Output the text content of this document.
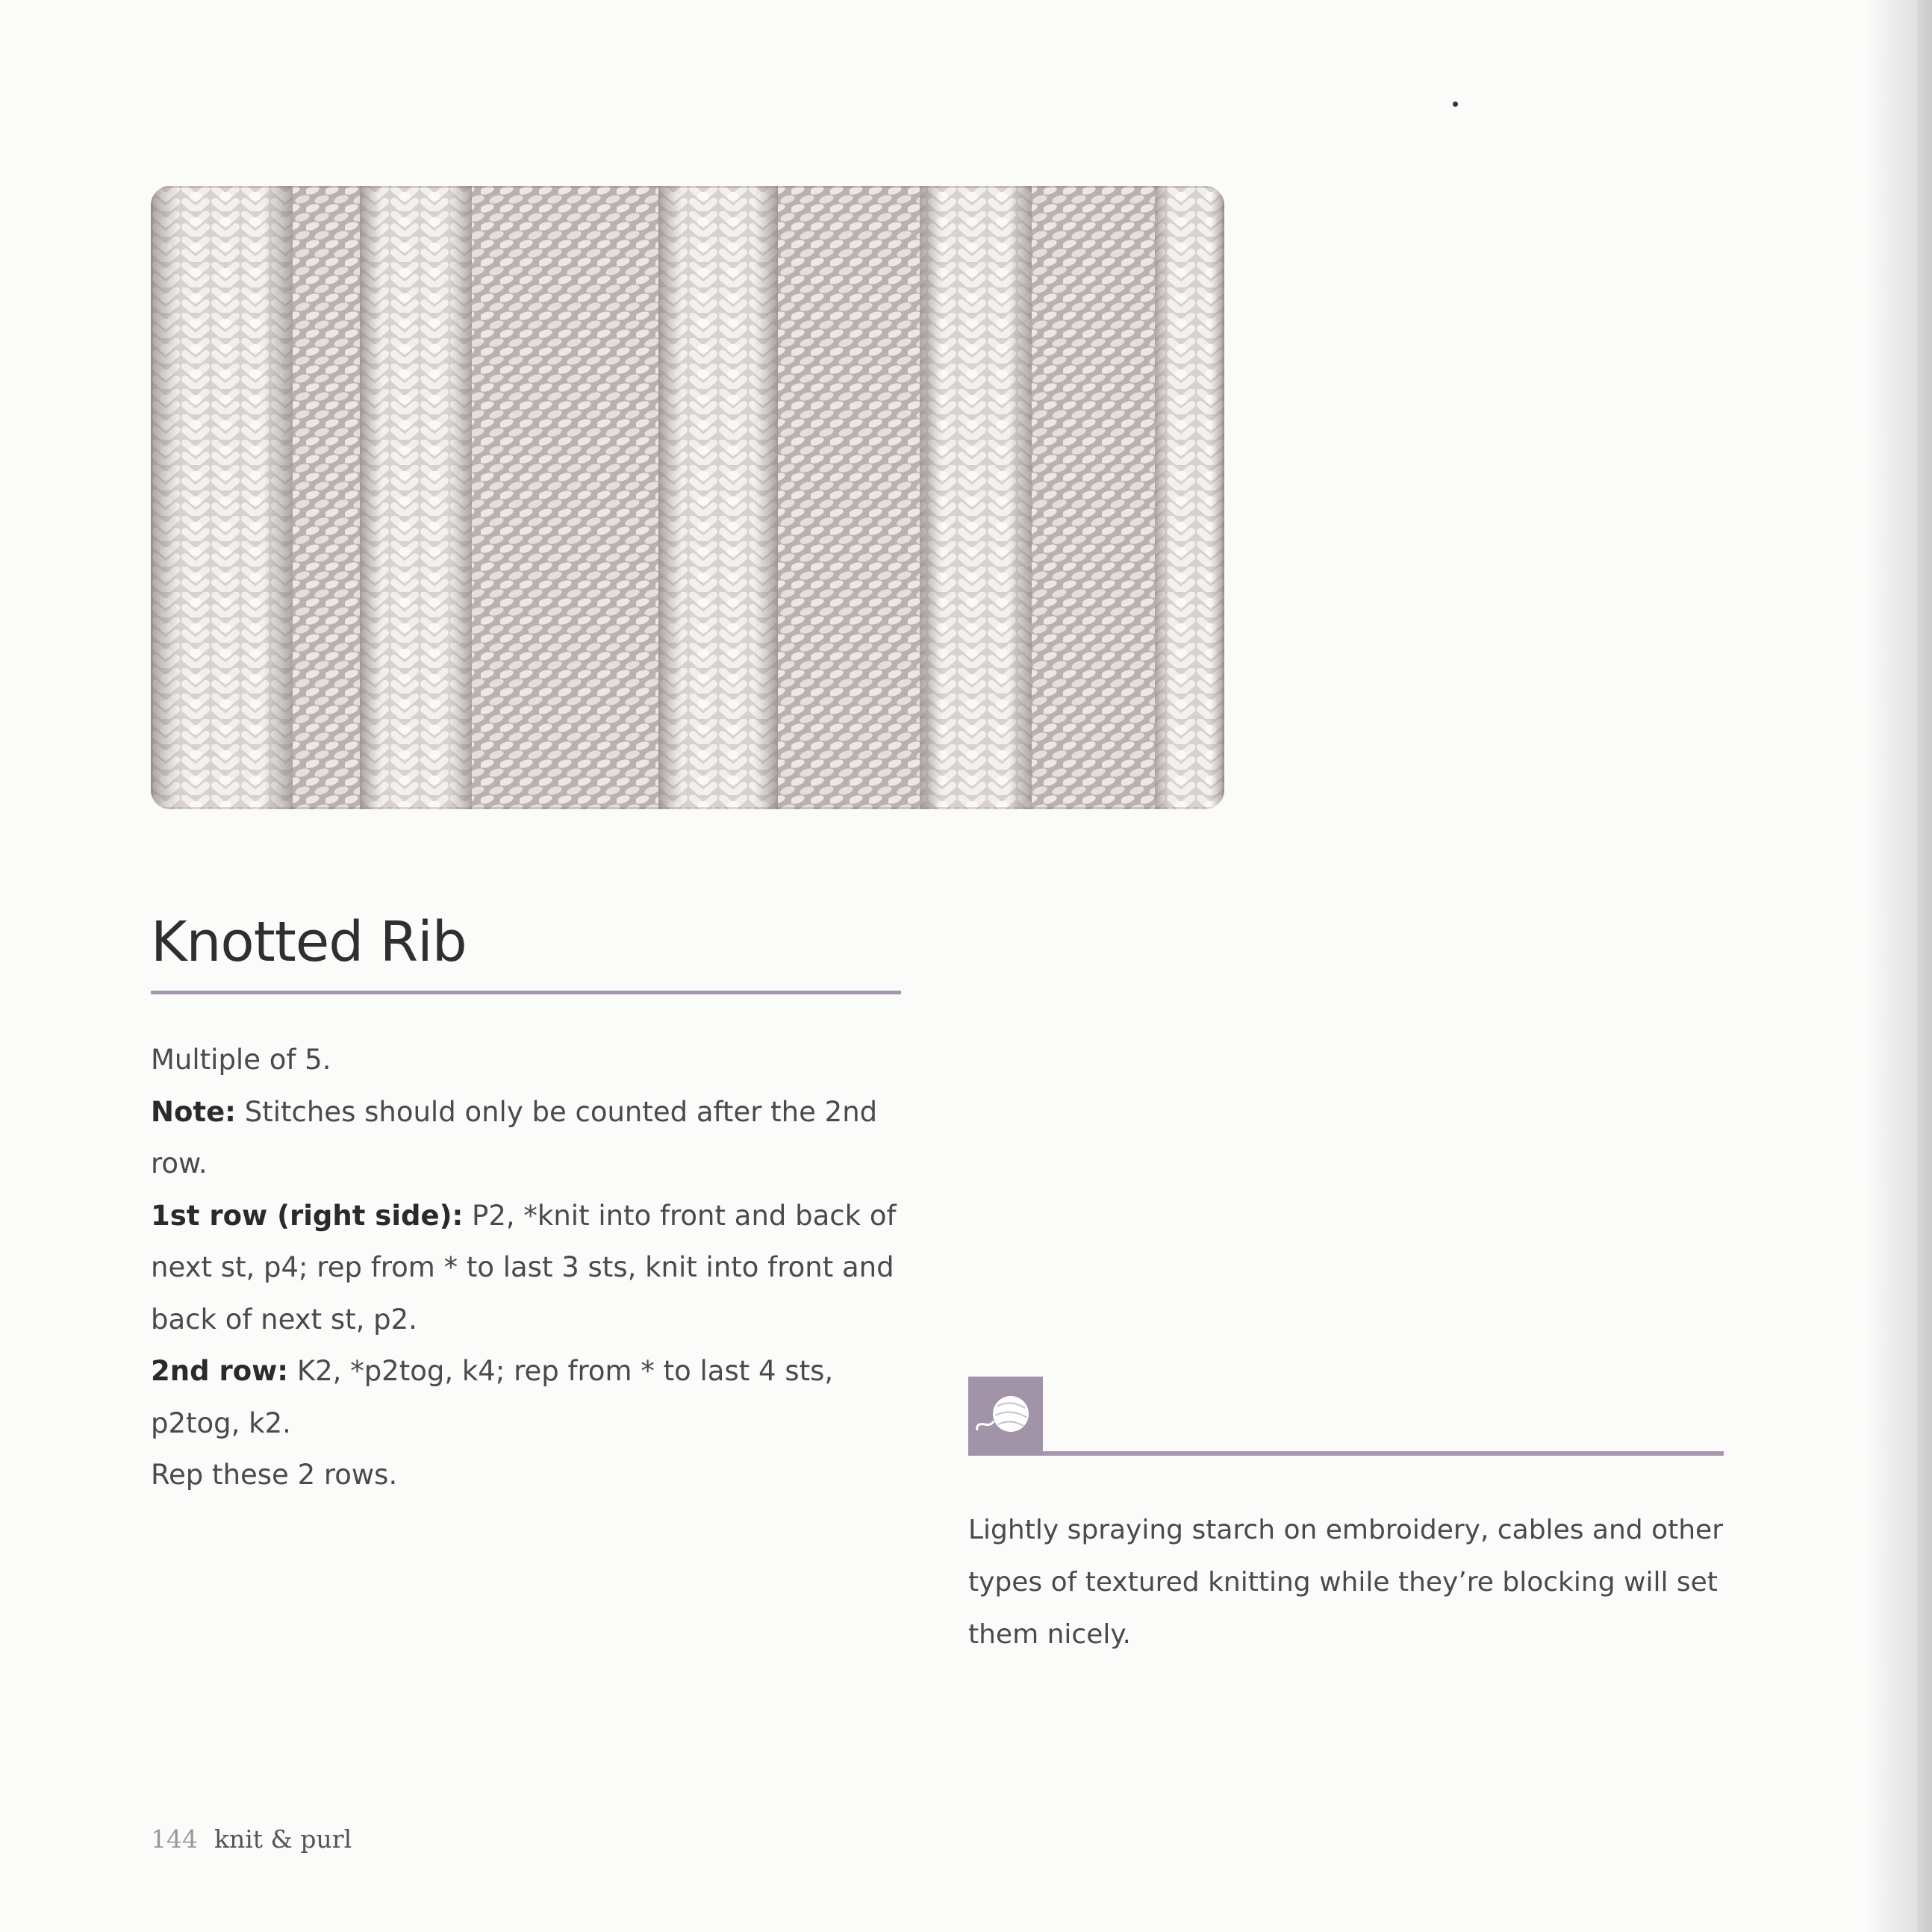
Knotted Rib

Multiple of 5.

Note: Stitches should only be counted after the 2nd row.

1st row (right side): P2, *knit into front and back of next st, p4; rep from * to last 3 sts, knit into front and back of next st, p2.

2nd row: K2, *p2tog, k4; rep from * to last 4 sts, p2tog, k2.

Rep these 2 rows.

Lightly spraying starch on embroidery, cables and other types of textured knitting while they’re blocking will set them nicely.
144 knit & purl
